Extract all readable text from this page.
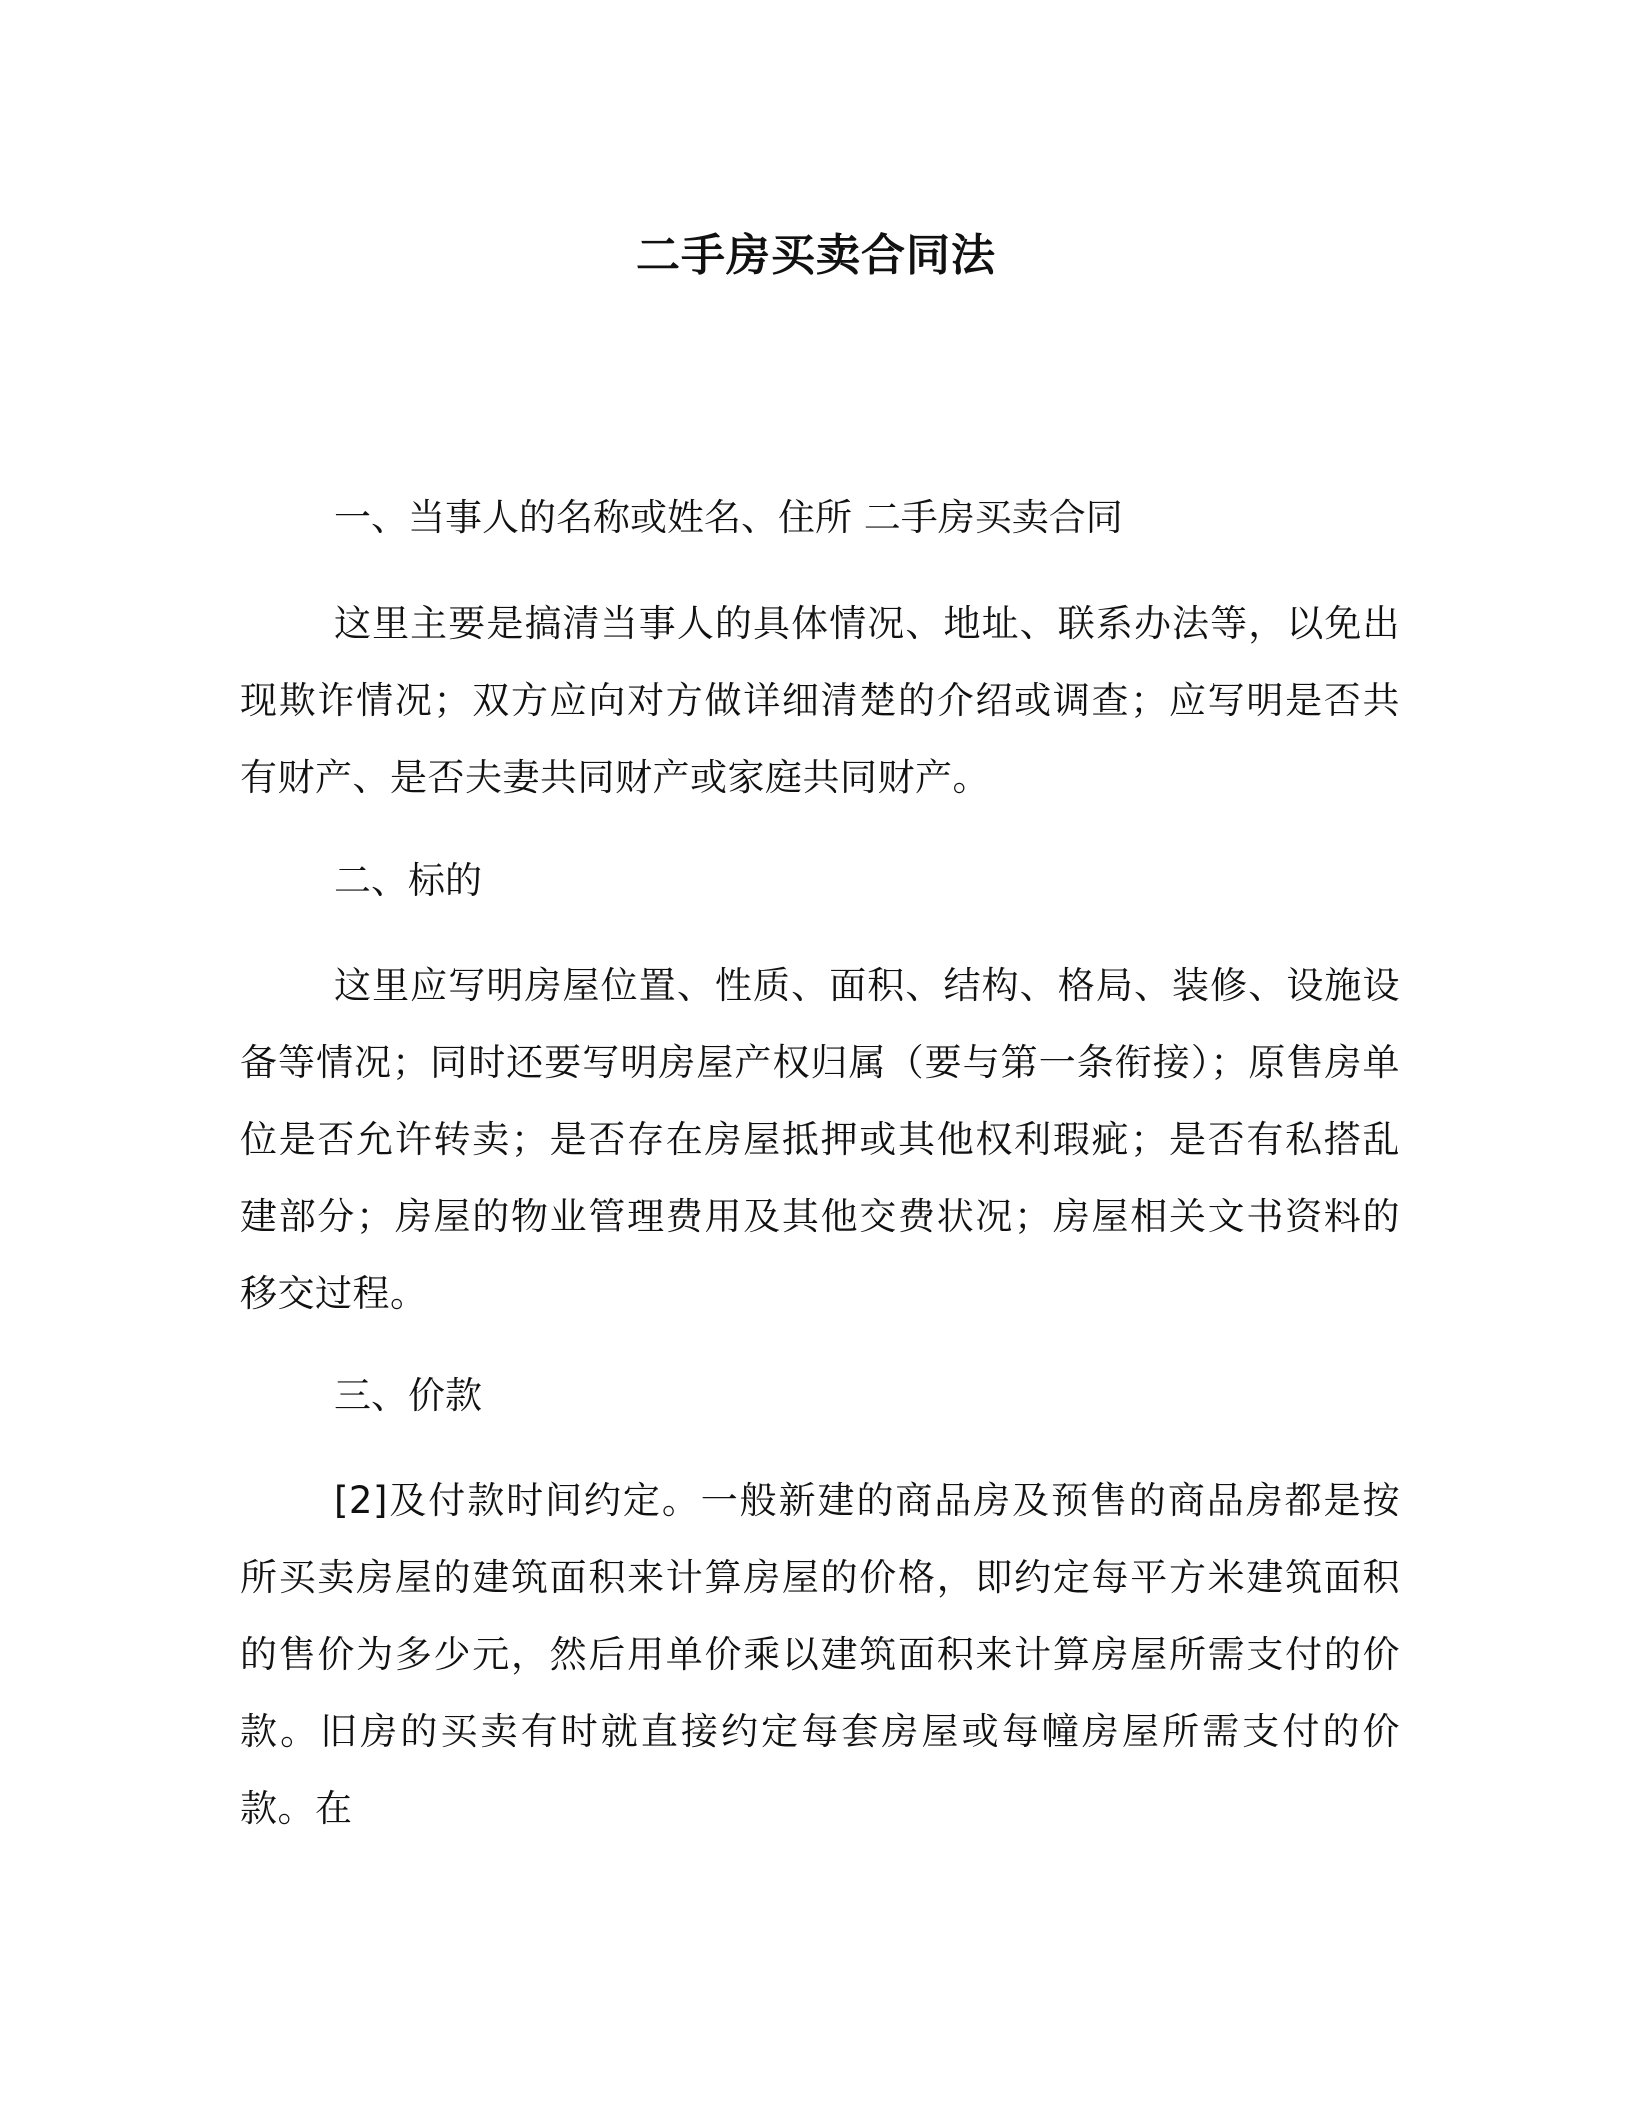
二手房买卖合同法
一、当事人的名称或姓名、住所 二手房买卖合同
这里主要是搞清当事人的具体情况、地址、联系办法等，以免出现欺诈情况；双方应向对方做详细清楚的介绍或调查；应写明是否共有财产、是否夫妻共同财产或家庭共同财产。
二、标的
这里应写明房屋位置、性质、面积、结构、格局、装修、设施设备等情况；同时还要写明房屋产权归属（要与第一条衔接）；原售房单位是否允许转卖；是否存在房屋抵押或其他权利瑕疵；是否有私搭乱建部分；房屋的物业管理费用及其他交费状况；房屋相关文书资料的移交过程。
三、价款
[2]及付款时间约定。一般新建的商品房及预售的商品房都是按所买卖房屋的建筑面积来计算房屋的价格，即约定每平方米建筑面积的售价为多少元，然后用单价乘以建筑面积来计算房屋所需支付的价款。旧房的买卖有时就直接约定每套房屋或每幢房屋所需支付的价款。在
